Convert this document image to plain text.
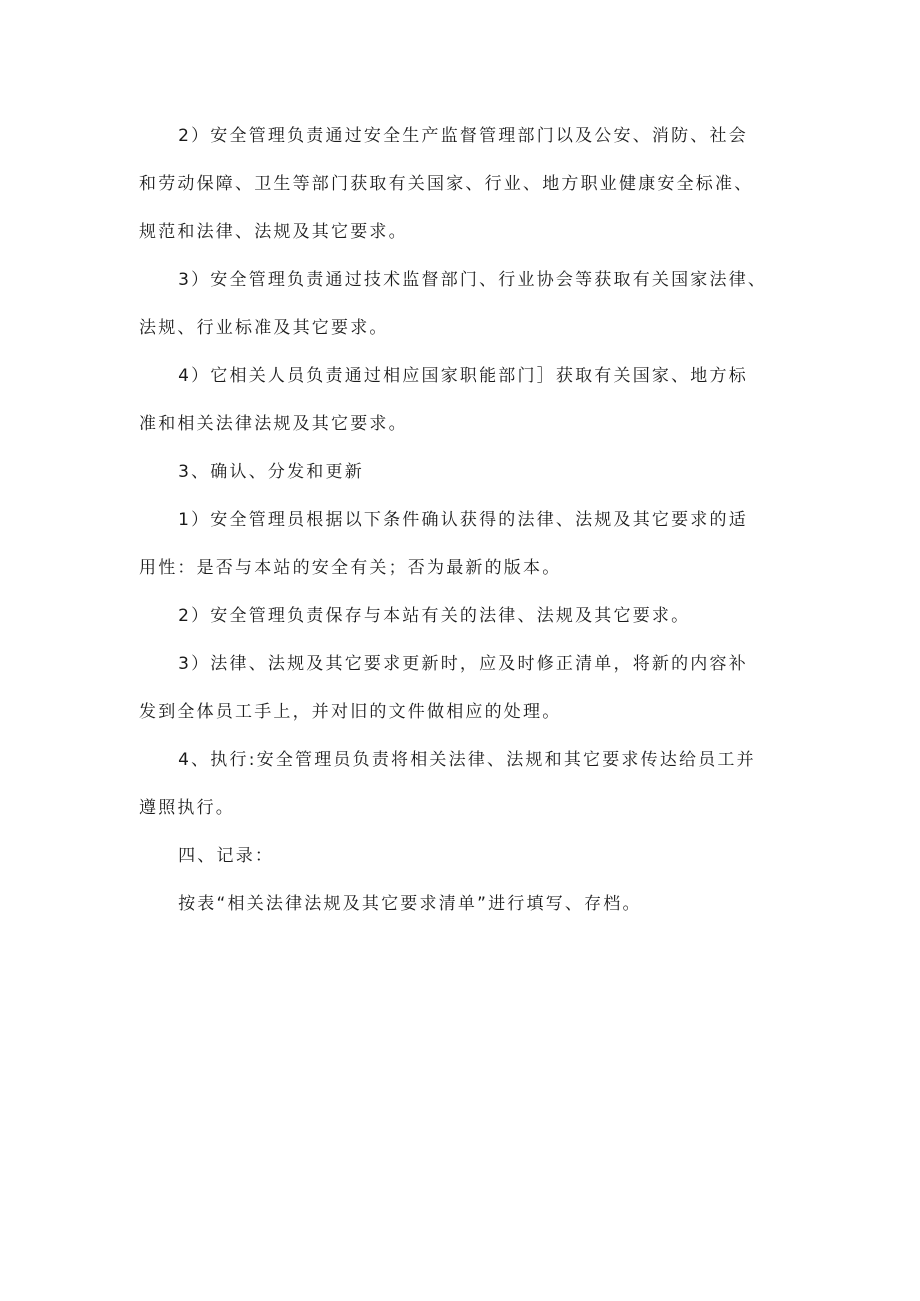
2）安全管理负责通过安全生产监督管理部门以及公安、消防、社会
和劳动保障、卫生等部门获取有关国家、行业、地方职业健康安全标准、
规范和法律、法规及其它要求。

3）安全管理负责通过技术监督部门、行业协会等获取有关国家法律、
法规、行业标准及其它要求。

4）它相关人员负责通过相应国家职能部门］获取有关国家、地方标
准和相关法律法规及其它要求。

3、确认、分发和更新

1）安全管理员根据以下条件确认获得的法律、法规及其它要求的适
用性：是否与本站的安全有关；否为最新的版本。

2）安全管理负责保存与本站有关的法律、法规及其它要求。

3）法律、法规及其它要求更新时，应及时修正清单，将新的内容补
发到全体员工手上，并对旧的文件做相应的处理。

4、执行:安全管理员负责将相关法律、法规和其它要求传达给员工并
遵照执行。

四、记录：

按表“相关法律法规及其它要求清单”进行填写、存档。
